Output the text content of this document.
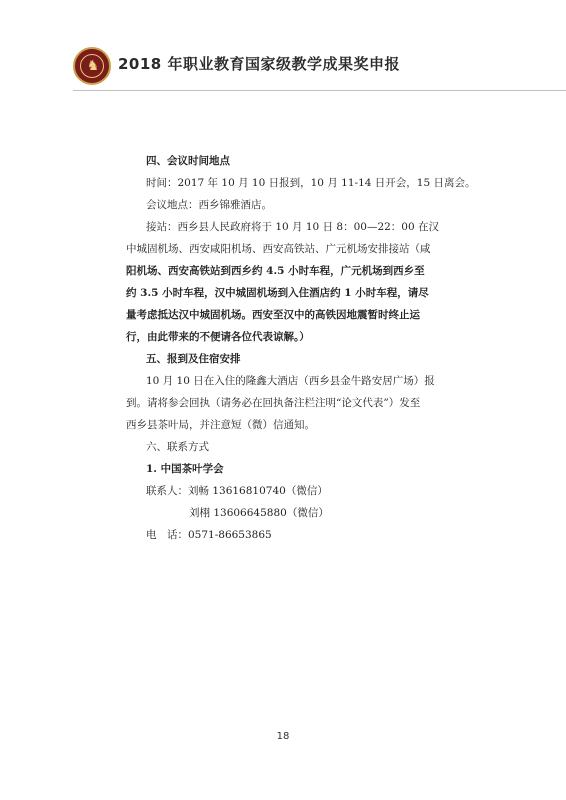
♞ 2018 年职业教育国家级教学成果奖申报
四、会议时间地点
时间：2017 年 10 月 10 日报到，10 月 11-14 日开会，15 日离会。
会议地点：西乡锦雅酒店。
接站：西乡县人民政府将于 10 月 10 日 8：00—22：00 在汉
中城固机场、西安咸阳机场、西安高铁站、广元机场安排接站（咸
阳机场、西安高铁站到西乡约 4.5 小时车程，广元机场到西乡至
约 3.5 小时车程，汉中城固机场到入住酒店约 1 小时车程，请尽
量考虑抵达汉中城固机场。西安至汉中的高铁因地震暂时终止运
行，由此带来的不便请各位代表谅解。）
五、报到及住宿安排
10 月 10 日在入住的隆鑫大酒店（西乡县金牛路安居广场）报
到。请将参会回执（请务必在回执备注栏注明“论文代表”）发至
西乡县茶叶局，并注意短（微）信通知。
六、联系方式
1. 中国茶叶学会
联系人：刘畅 13616810740（微信）
刘栩 13606645880（微信）
电　话：0571-86653865
18
